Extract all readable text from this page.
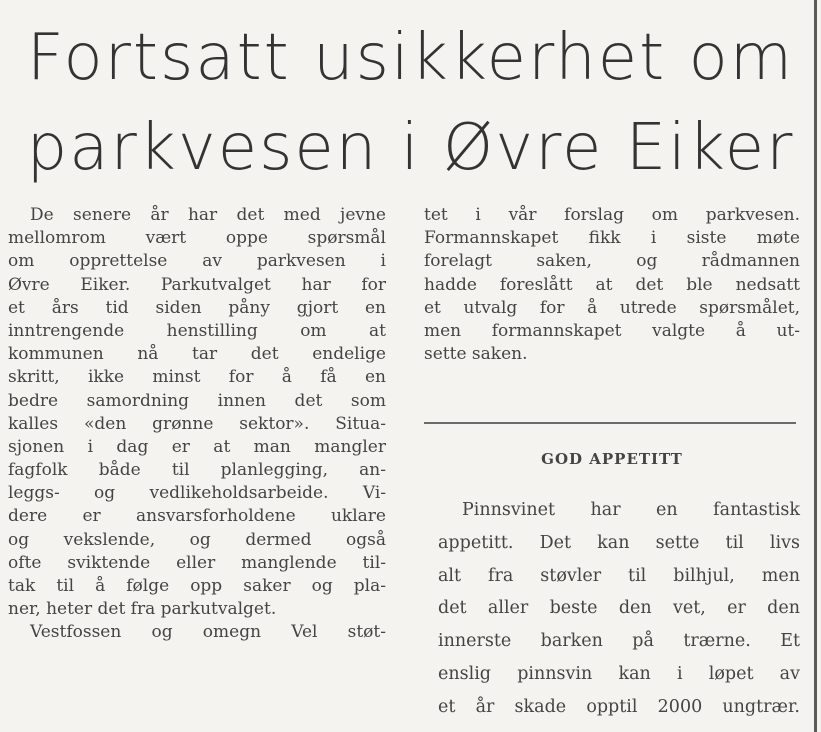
Fortsatt usikkerhet om
parkvesen i Øvre Eiker
De senere år har det med jevne
mellomrom vært oppe spørsmål
om opprettelse av parkvesen i
Øvre Eiker. Parkutvalget har for
et års tid siden påny gjort en
inntrengende henstilling om at
kommunen nå tar det endelige
skritt, ikke minst for å få en
bedre samordning innen det som
kalles «den grønne sektor». Situa-
sjonen i dag er at man mangler
fagfolk både til planlegging, an-
leggs- og vedlikeholdsarbeide. Vi-
dere er ansvarsforholdene uklare
og vekslende, og dermed også
ofte sviktende eller manglende til-
tak til å følge opp saker og pla-
ner, heter det fra parkutvalget.
Vestfossen og omegn Vel støt-
tet i vår forslag om parkvesen.
Formannskapet fikk i siste møte
forelagt saken, og rådmannen
hadde foreslått at det ble nedsatt
et utvalg for å utrede spørsmålet,
men formannskapet valgte å ut-
sette saken.
GOD APPETITT
Pinnsvinet har en fantastisk
appetitt. Det kan sette til livs
alt fra støvler til bilhjul, men
det aller beste den vet, er den
innerste barken på trærne. Et
enslig pinnsvin kan i løpet av
et år skade opptil 2000 ungtrær.
